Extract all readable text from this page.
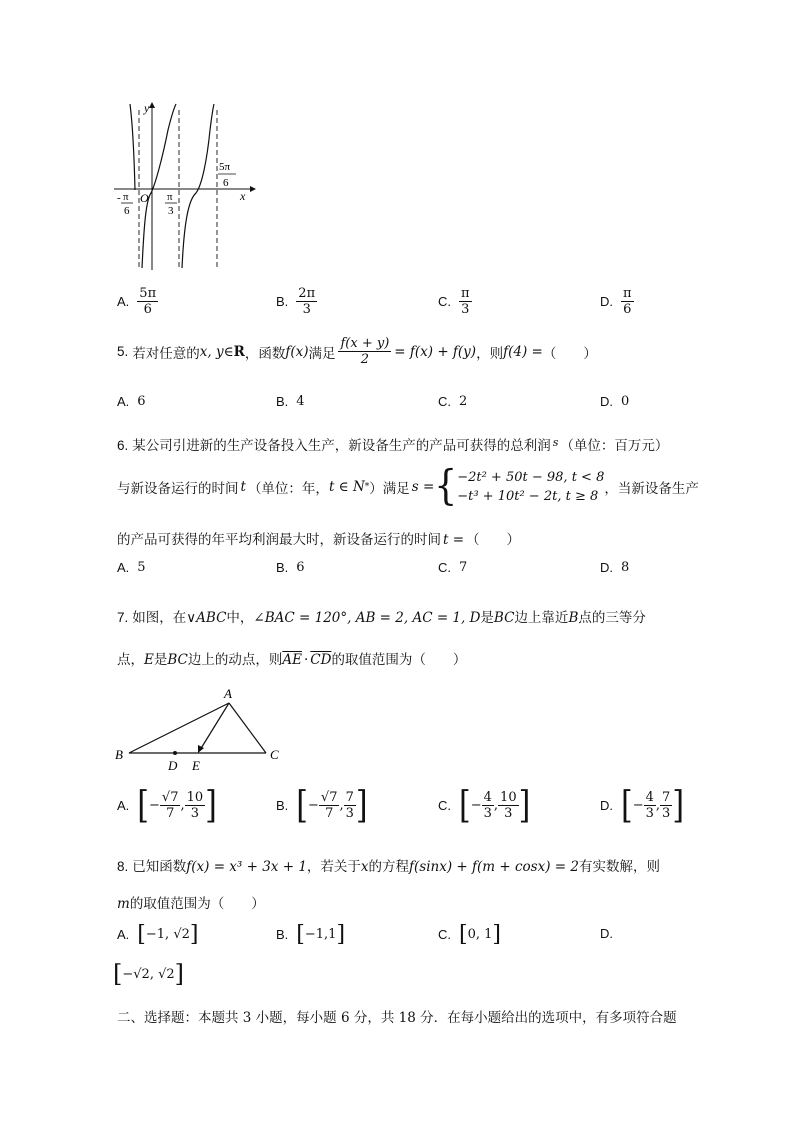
y
x
O
- π
6
π
3
5π
6
A. $\frac{5\pi}{6}$	B. $\frac{2\pi}{3}$	C. $\frac{\pi}{3}$	D. $\frac{\pi}{6}$
5. 若对任意的 x, y ∈ R ，函数 f(x) 满足 $\frac{f(x + y)}{2} = f(x) + f(y)$ ，则 f(4) = （　　）
A. 6	B. 4	C. 2	D. 0
6. 某公司引进新的生产设备投入生产，新设备生产的产品可获得的总利润 $^s$ （单位：百万元）
与新设备运行的时间 t （单位：年， t ∈ N * ）满足 s = { −2t² + 50t − 98, t < 8
−t³ + 10t² − 2t, t ≥ 8 ，当新设备生产
的产品可获得的年平均利润最大时，新设备运行的时间 t = （　　）
A. 5	B. 6	C. 7	D. 8
7. 如图，在∨ABC中，∠BAC = 120°, AB = 2, AC = 1, D是BC边上靠近B点的三等分
点，E是BC边上的动点，则$\overline{AE} \cdot \overline{CD}$的取值范围为（　　）
A
B	C
D E
A. [ − $\frac{√7}{7}$ , $\frac{10}{3}$ ]	B. [ − $\frac{√7}{7}$ , $\frac{7}{3}$ ]	C. [ − $\frac{4}{3}$ , $\frac{10}{3}$ ]	D. [ − $\frac{4}{3}$ , $\frac{7}{3}$ ]
8. 已知函数f(x) = x³ + 3x + 1，若关于x的方程f(sinx) + f(m + cosx) = 2有实数解，则
m的取值范围为（　　）
A. [ −1, √2 ]	B. [ −1,1 ]	C. [ 0, 1 ]	D.
[ −√2, √2 ]
二、选择题：本题共 3 小题，每小题 6 分，共 18 分．在每小题给出的选项中，有多项符合题
